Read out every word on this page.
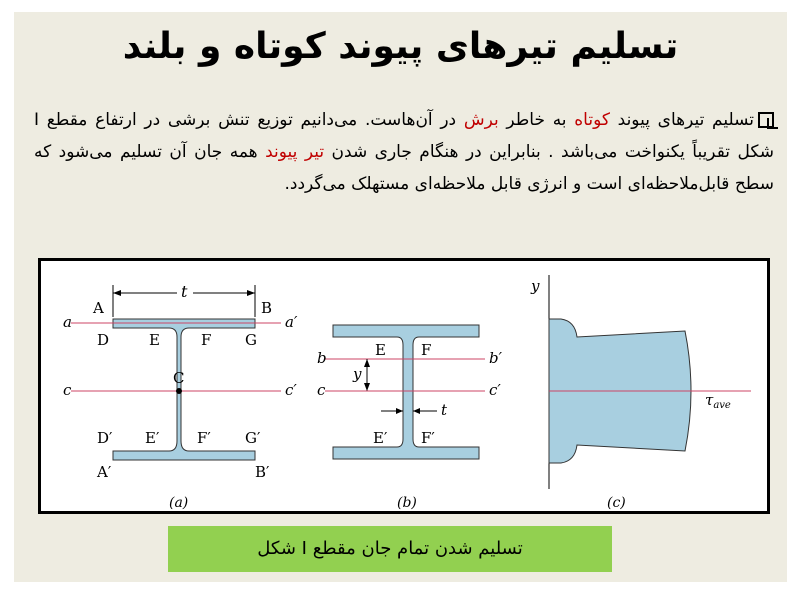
تسلیم تیرهای پیوند کوتاه و بلند
تسلیم تیرهای پیوند کوتاه به خاطر برش در آن‌هاست. می‌دانیم توزیع تنش برشی در ارتفاع مقطع I شکل تقریباً یکنواخت می‌باشد . بنابراین در هنگام جاری شدن تیر پیوند همه جان آن تسلیم می‌شود که سطح قابل‌ملاحظه‌ای است و انرژی قابل ملاحظه‌ای مستهلک می‌گردد.
t
A	B
a	a′
D	E	F G
C
c	c′
D′ E′	F′ G′
A′	B′
(a)
E F
b	b′
y
c	c′
t
E′ F′
(b)
y
$\tau_{ave}$
(c)
تسلیم شدن تمام جان مقطع I شکل
